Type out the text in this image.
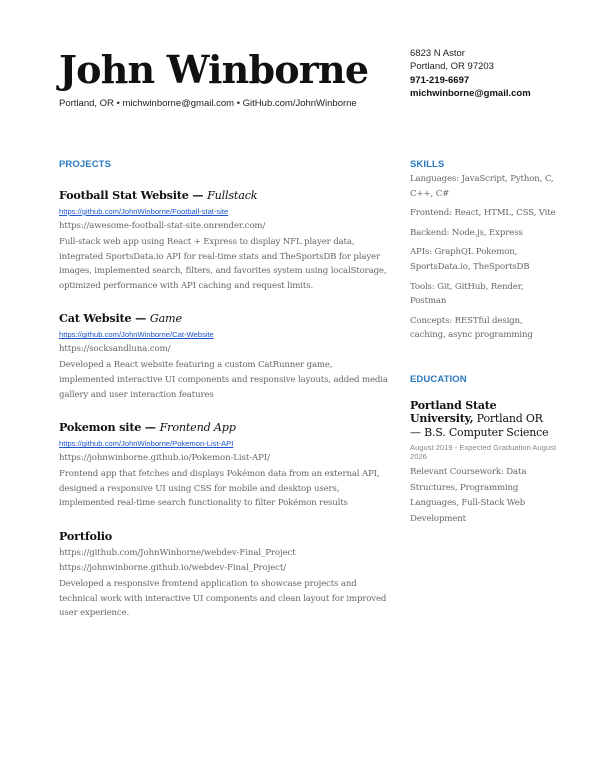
John Winborne
Portland, OR • michwinborne@gmail.com • GitHub.com/JohnWinborne
6823 N Astor
Portland, OR 97203
971-219-6697
michwinborne@gmail.com
PROJECTS
Football Stat Website — Fullstack
https://github.com/JohnWinborne/Football-stat-site
https://awesome-football-stat-site.onrender.com/
Full-stack web app using React + Express to display NFL player data, integrated SportsData.io API for real-time stats and TheSportsDB for player images, implemented search, filters, and favorites system using localStorage, optimized performance with API caching and request limits.
Cat Website — Game
https://github.com/JohnWinborne/Cat-Website
https://socksandluna.com/
Developed a React website featuring a custom CatRunner game, implemented interactive UI components and responsive layouts, added media gallery and user interaction features
Pokemon site — Frontend App
https://github.com/JohnWinborne/Pokemon-List-API
https://johnwinborne.github.io/Pokemon-List-API/
Frontend app that fetches and displays Pokémon data from an external API, designed a responsive UI using CSS for mobile and desktop users, implemented real-time search functionality to filter Pokémon results
Portfolio
https://github.com/JohnWinborne/webdev-Final_Project
https://johnwinborne.github.io/webdev-Final_Project/
Developed a responsive frontend application to showcase projects and technical work with interactive UI components and clean layout for improved user experience.
SKILLS
Languages: JavaScript, Python, C, C++, C#
Frontend: React, HTML, CSS, Vite
Backend: Node.js, Express
APIs: GraphQL Pokemon, SportsData.io, TheSportsDB
Tools: Git, GitHub, Render, Postman
Concepts: RESTful design, caching, async programming
EDUCATION
Portland State University, Portland OR
— B.S. Computer Science
August 2019 - Expected Graduation August 2026
Relevant Coursework: Data Structures, Programming Languages, Full-Stack Web Development
